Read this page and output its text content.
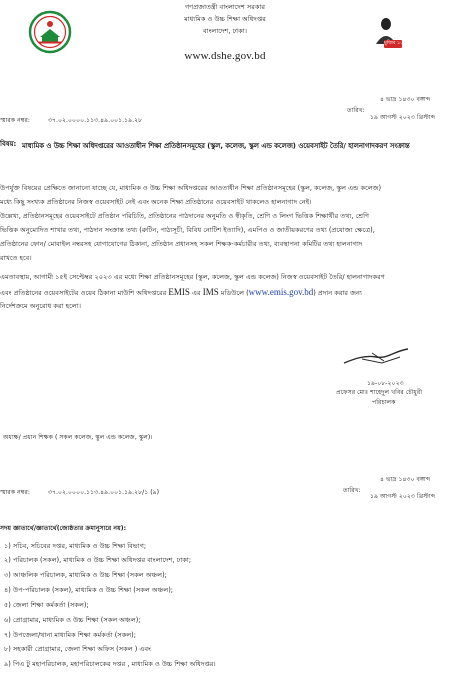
গণপ্রজাতন্ত্রী বাংলাদেশ সরকার
মাধ্যমিক ও উচ্চ শিক্ষা অধিদপ্তর
বাংলাদেশ, ঢাকা।
www.dshe.gov.bd
মুজিব ১০০
৪ ভাদ্র ১৪৩০ বঙ্গাব্দ
তারিখ:
১৯ আগস্ট ২০২৩ খ্রিস্টাব্দ
স্মারক নম্বর:	৩৭.০২.০০০০.১১৩.৪৯.০০১.১৯.২৮
বিষয়: মাধ্যমিক ও উচ্চ শিক্ষা অধিদপ্তরের আওতাধীন শিক্ষা প্রতিষ্ঠানসমূহের (স্কুল, কলেজ, স্কুল এন্ড কলেজ) ওয়েবসাইট তৈরি/ হালনাগাদকরণ সংক্রান্ত
উপর্যুক্ত বিষয়ের প্রেক্ষিতে জানানো যাচ্ছে যে, মাধ্যমিক ও উচ্চ শিক্ষা অধিদপ্তরের আওতাধীন শিক্ষা প্রতিষ্ঠানসমূহের (স্কুল, কলেজ, স্কুল এন্ড কলেজ)
মধ্যে কিছু সংখ্যক প্রতিষ্ঠানের নিজস্ব ওয়েবসাইট নেই এবং অনেক শিক্ষা প্রতিষ্ঠানের ওয়েবসাইট থাকলেও হালনাগাদ নেই।
উল্লেখ্য, প্রতিষ্ঠানসমূহের ওয়েবসাইটে প্রতিষ্ঠান পরিচিতি, প্রতিষ্ঠানের পাঠদানের অনুমতি ও স্বীকৃতি, শ্রেণি ও লিংগ ভিত্তিক শিক্ষার্থীর তথ্য, শ্রেণি
ভিত্তিক অনুমোদিত শাখার তথ্য, পাঠদান সংক্রান্ত তথ্য (রুটিন, পাঠ্যসূচী, বিবিধ নোটিশ ইত্যাদি), এমপিও ও জাতীয়করণের তথ্য (প্রযোজ্য ক্ষেত্রে),
প্রতিষ্ঠানের ফোন/ মোবাইল নম্বরসহ যোগাযোগের ঠিকানা, প্রতিষ্ঠান প্রধানসহ সকল শিক্ষক-কর্মচারীর তথ্য, ব্যবস্থাপনা কমিটির তথ্য হালনাগাদ
রাখতে হবে।
এমতাবস্থায়, আগামী ১৫ই সেপ্টেম্বর ২০২৩ এর মধ্যে শিক্ষা প্রতিষ্ঠানসমূহের (স্কুল, কলেজ, স্কুল এন্ড কলেজ) নিজস্ব ওয়েবসাইট তৈরি/ হালনাগাদকরণ
এবং প্রতিষ্ঠানের ওয়েবসাইটের ওয়েব ঠিকানা মাউশি অধিদপ্তরের EMIS এর IMS মডিউলে (www.emis.gov.bd) প্রদান করার জন্য
নির্দেশক্রমে অনুরোধ করা হলো।
১৯-০৮-২০২৩
প্রফেসর মোঃ শাহেদুল খবির চৌধুরী
পরিচালক
অধ্যক্ষ/ প্রধান শিক্ষক ( সকল কলেজ, স্কুল এন্ড কলেজ, স্কুল)।
৪ ভাদ্র ১৪৩০ বঙ্গাব্দ
তারিখ:
১৯ আগস্ট ২০২৩ খ্রিস্টাব্দ
স্মারক নম্বর:	৩৭.০২.০০০০.১১৩.৪৯.০০১.১৯.২৮/১ (৯)
সদয় জ্ঞাতার্থে/জ্ঞাতার্থে(জ্যেষ্ঠতার ক্রমানুসারে নয়):
১) সচিব, সচিবের দপ্তর, মাধ্যমিক ও উচ্চ শিক্ষা বিভাগ;
২) পরিচালক (সকল), মাধ্যমিক ও উচ্চ শিক্ষা অধিদপ্তর বাংলাদেশ, ঢাকা;
৩) আঞ্চলিক পরিচালক, মাধ্যমিক ও উচ্চ শিক্ষা (সকল অঞ্চল);
৪) উপ-পরিচালক (সকল), মাধ্যমিক ও উচ্চ শিক্ষা (সকল অঞ্চল);
৫) জেলা শিক্ষা কর্মকর্তা (সকল);
৬) প্রোগ্রামার, মাধ্যমিক ও উচ্চ শিক্ষা (সকল অঞ্চল);
৭) উপজেলা/থানা মাধ্যমিক শিক্ষা কর্মকর্তা (সকল);
৮) সহকারী প্রোগ্রামার, জেলা শিক্ষা অফিস (সকল ) এবং
৯) পিএ টু মহাপরিচালক, মহাপরিচালকের দপ্তর , মাধ্যমিক ও উচ্চ শিক্ষা অধিদপ্তর।
